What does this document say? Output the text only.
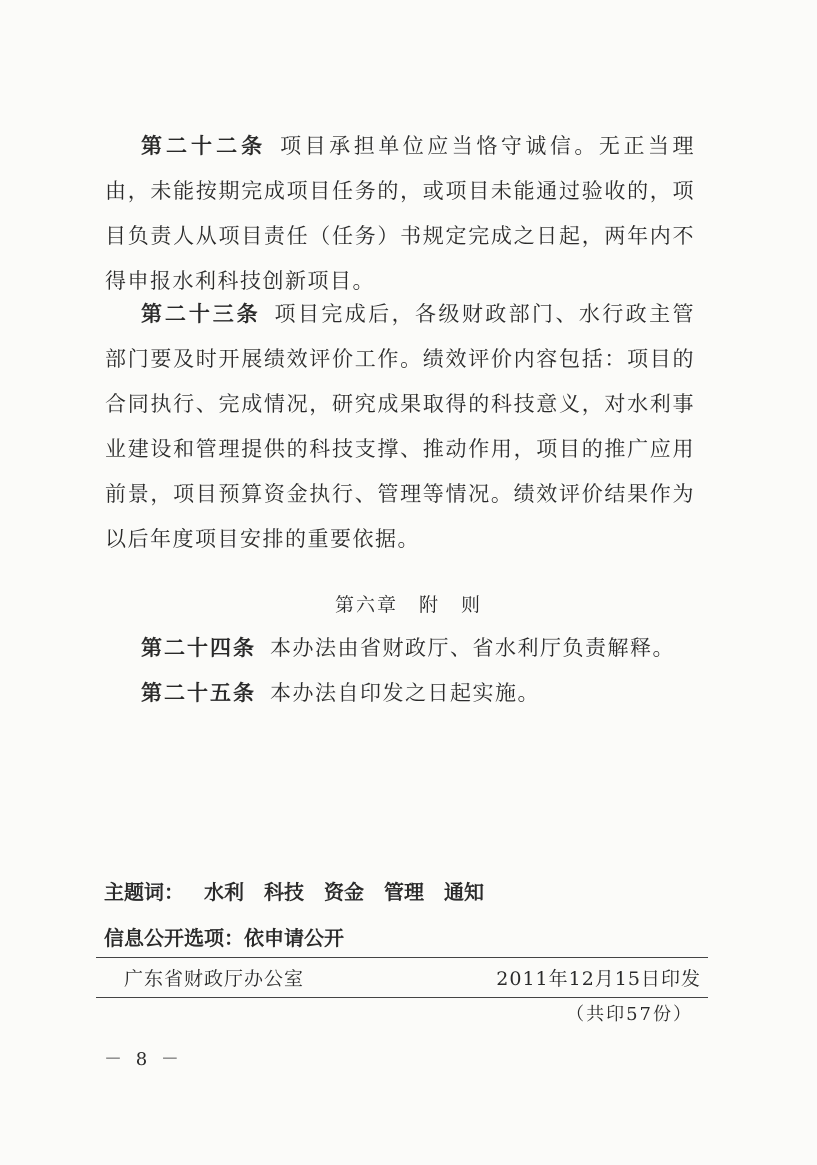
第二十二条 项目承担单位应当恪守诚信。无正当理由，未能按期完成项目任务的，或项目未能通过验收的，项目负责人从项目责任（任务）书规定完成之日起，两年内不得申报水利科技创新项目。

第二十三条 项目完成后，各级财政部门、水行政主管部门要及时开展绩效评价工作。绩效评价内容包括：项目的合同执行、完成情况，研究成果取得的科技意义，对水利事业建设和管理提供的科技支撑、推动作用，项目的推广应用前景，项目预算资金执行、管理等情况。绩效评价结果作为以后年度项目安排的重要依据。

第六章　附　则
第二十四条 本办法由省财政厅、省水利厅负责解释。
第二十五条 本办法自印发之日起实施。
主题词： 水利 科技 资金 管理 通知
信息公开选项：依申请公开
广东省财政厅办公室	2011年12月15日印发
（共印57份）
－ 8 －
